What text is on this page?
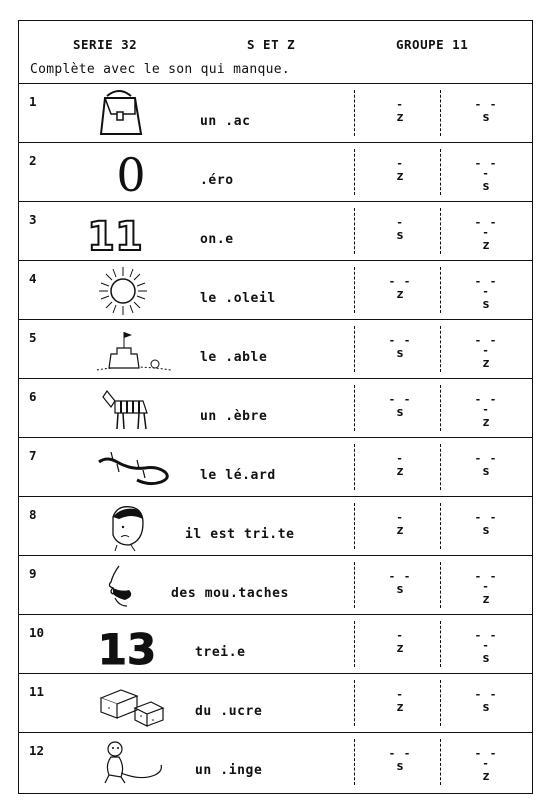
SERIE 32	S ET Z	GROUPE 11
Complète avec le son qui manque.
1
un .ac
-
z
- -
s
2 0	.éro
-
z
- - -
s
3 11	on.e
-
s
- - -
z
4
le .oleil
- -
z
- - -
s
5
le .able
- -
s
- - -
z
6
un .èbre
- -
s
- - -
z
7
le lé.ard
-
z
- -
s
8
il est tri.te
-
z
- -
s
9
des mou.taches
- -
s
- - -
z
10 13	trei.e
-
z
- - -
s
11
du .ucre
-
z
- -
s
12
un .inge
- -
s
- - -
z
